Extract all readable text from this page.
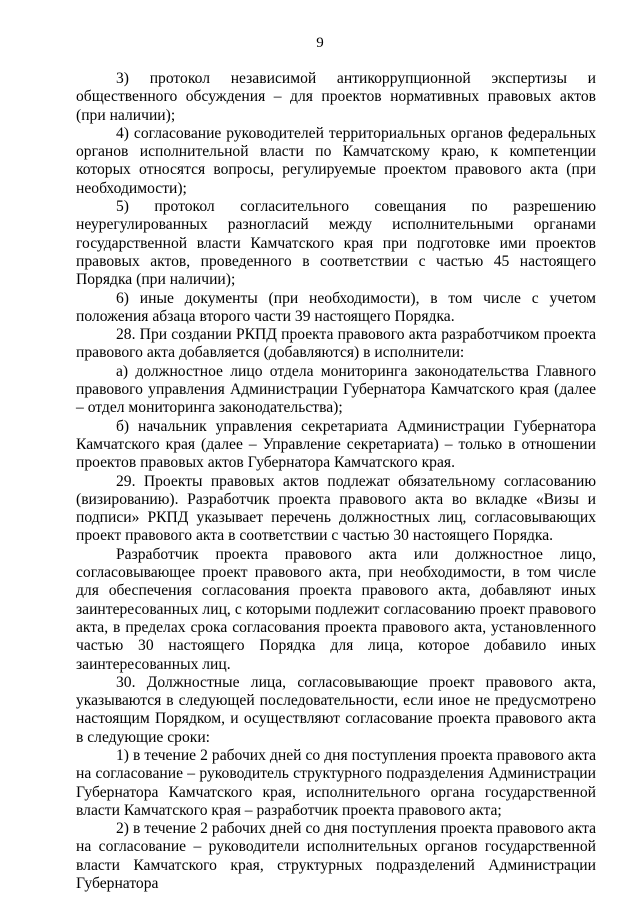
9

3) протокол независимой антикоррупционной экспертизы и общественного обсуждения – для проектов нормативных правовых актов (при наличии);

4) согласование руководителей территориальных органов федеральных органов исполнительной власти по Камчатскому краю, к компетенции которых относятся вопросы, регулируемые проектом правового акта (при необходимости);

5) протокол согласительного совещания по разрешению неурегулированных разногласий между исполнительными органами государственной власти Камчатского края при подготовке ими проектов правовых актов, проведенного в соответствии с частью 45 настоящего Порядка (при наличии);

6) иные документы (при необходимости), в том числе с учетом положения абзаца второго части 39 настоящего Порядка.

28. При создании РКПД проекта правового акта разработчиком проекта правового акта добавляется (добавляются) в исполнители:

а) должностное лицо отдела мониторинга законодательства Главного правового управления Администрации Губернатора Камчатского края (далее – отдел мониторинга законодательства);

б) начальник управления секретариата Администрации Губернатора Камчатского края (далее – Управление секретариата) – только в отношении проектов правовых актов Губернатора Камчатского края.

29. Проекты правовых актов подлежат обязательному согласованию (визированию). Разработчик проекта правового акта во вкладке «Визы и подписи» РКПД указывает перечень должностных лиц, согласовывающих проект правового акта в соответствии с частью 30 настоящего Порядка.

Разработчик проекта правового акта или должностное лицо, согласовывающее проект правового акта, при необходимости, в том числе для обеспечения согласования проекта правового акта, добавляют иных заинтересованных лиц, с которыми подлежит согласованию проект правового акта, в пределах срока согласования проекта правового акта, установленного частью 30 настоящего Порядка для лица, которое добавило иных заинтересованных лиц.

30. Должностные лица, согласовывающие проект правового акта, указываются в следующей последовательности, если иное не предусмотрено настоящим Порядком, и осуществляют согласование проекта правового акта в следующие сроки:

1) в течение 2 рабочих дней со дня поступления проекта правового акта на согласование – руководитель структурного подразделения Администрации Губернатора Камчатского края, исполнительного органа государственной власти Камчатского края – разработчик проекта правового акта;

2) в течение 2 рабочих дней со дня поступления проекта правового акта на согласование – руководители исполнительных органов государственной власти Камчатского края, структурных подразделений Администрации Губернатора
